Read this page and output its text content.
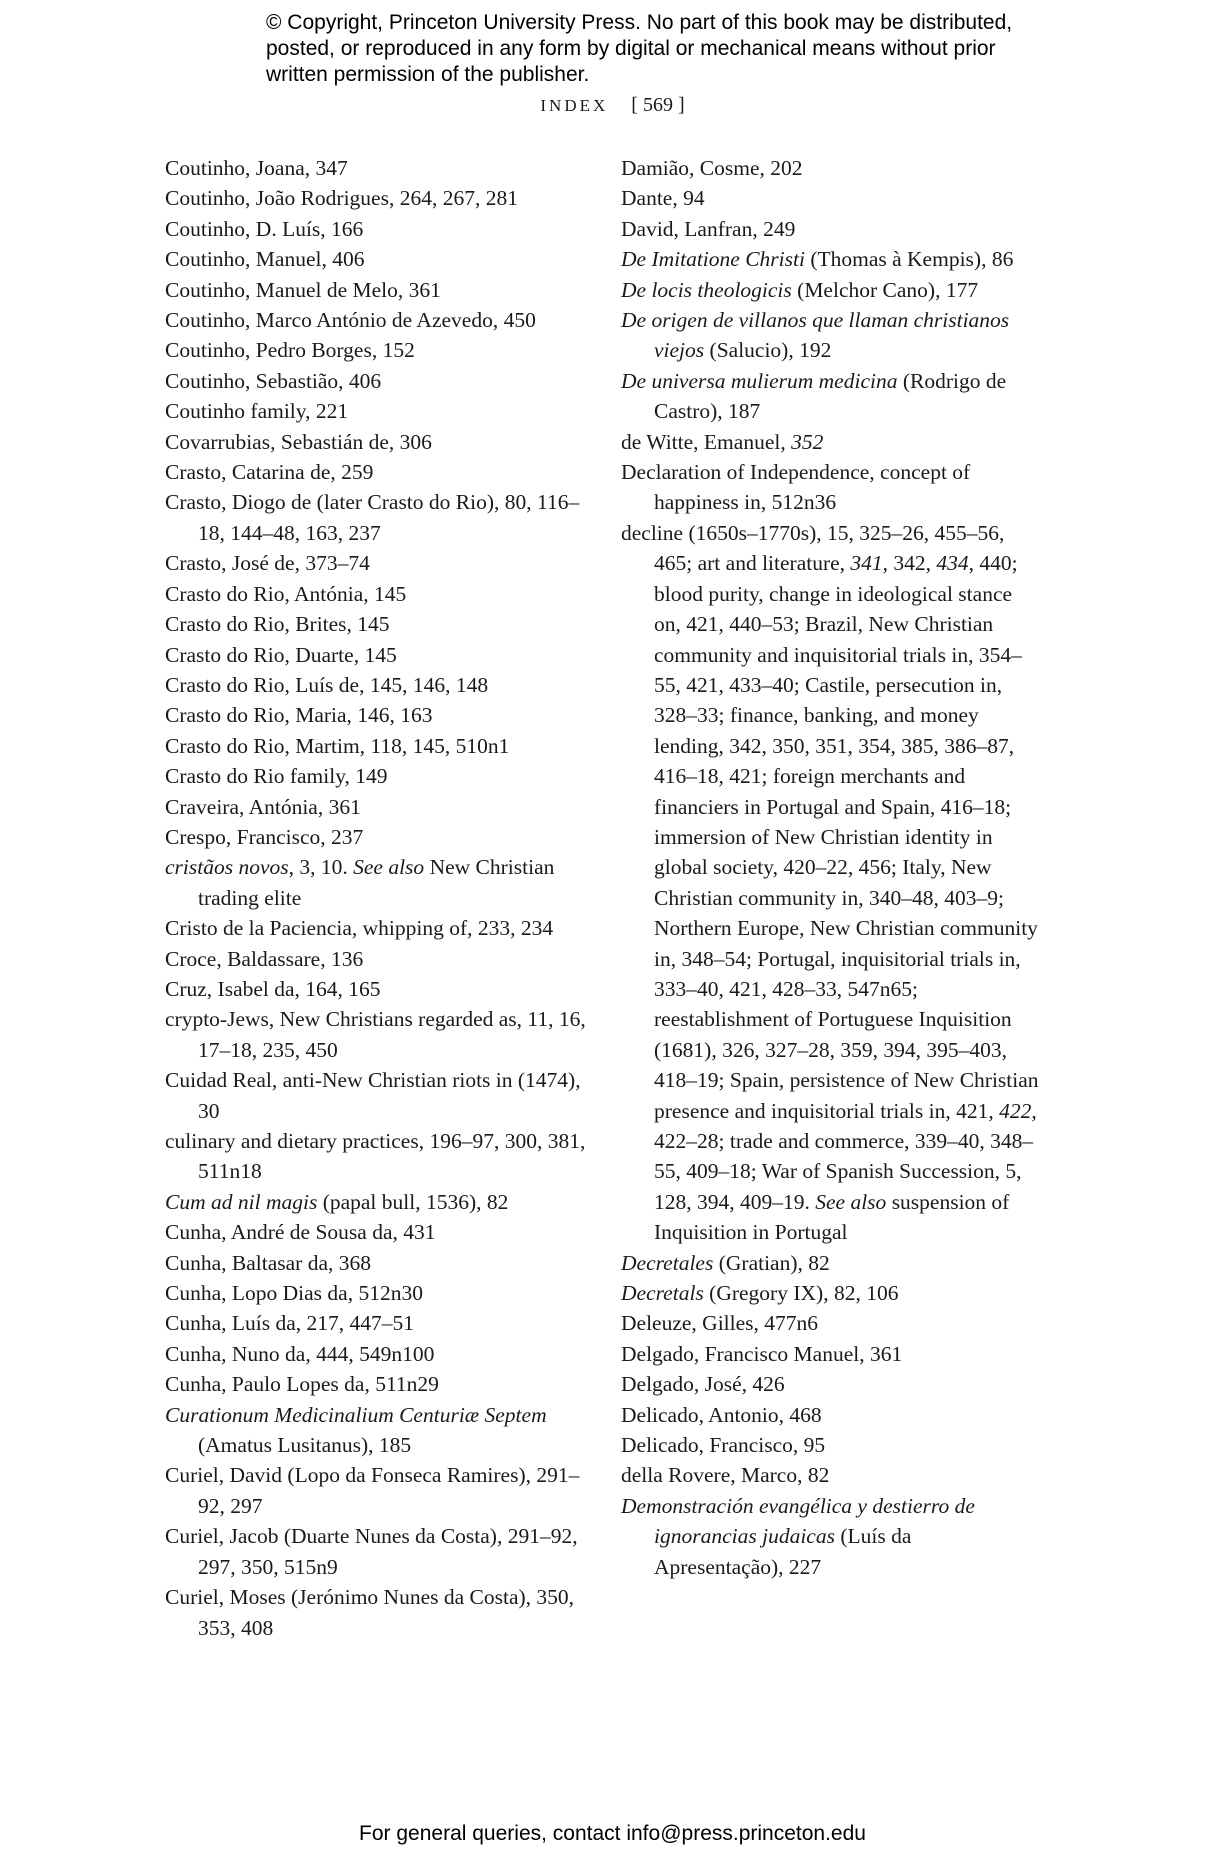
© Copyright, Princeton University Press. No part of this book may be distributed, posted, or reproduced in any form by digital or mechanical means without prior written permission of the publisher.
INDEX [ 569 ]
Coutinho, Joana, 347
Coutinho, João Rodrigues, 264, 267, 281
Coutinho, D. Luís, 166
Coutinho, Manuel, 406
Coutinho, Manuel de Melo, 361
Coutinho, Marco António de Azevedo, 450
Coutinho, Pedro Borges, 152
Coutinho, Sebastião, 406
Coutinho family, 221
Covarrubias, Sebastián de, 306
Crasto, Catarina de, 259
Crasto, Diogo de (later Crasto do Rio), 80, 116–18, 144–48, 163, 237
Crasto, José de, 373–74
Crasto do Rio, Antónia, 145
Crasto do Rio, Brites, 145
Crasto do Rio, Duarte, 145
Crasto do Rio, Luís de, 145, 146, 148
Crasto do Rio, Maria, 146, 163
Crasto do Rio, Martim, 118, 145, 510n1
Crasto do Rio family, 149
Craveira, Antónia, 361
Crespo, Francisco, 237
cristãos novos, 3, 10. See also New Christian trading elite
Cristo de la Paciencia, whipping of, 233, 234
Croce, Baldassare, 136
Cruz, Isabel da, 164, 165
crypto-Jews, New Christians regarded as, 11, 16, 17–18, 235, 450
Cuidad Real, anti-New Christian riots in (1474), 30
culinary and dietary practices, 196–97, 300, 381, 511n18
Cum ad nil magis (papal bull, 1536), 82
Cunha, André de Sousa da, 431
Cunha, Baltasar da, 368
Cunha, Lopo Dias da, 512n30
Cunha, Luís da, 217, 447–51
Cunha, Nuno da, 444, 549n100
Cunha, Paulo Lopes da, 511n29
Curationum Medicinalium Centuriæ Septem (Amatus Lusitanus), 185
Curiel, David (Lopo da Fonseca Ramires), 291–92, 297
Curiel, Jacob (Duarte Nunes da Costa), 291–92, 297, 350, 515n9
Curiel, Moses (Jerónimo Nunes da Costa), 350, 353, 408
Damião, Cosme, 202
Dante, 94
David, Lanfran, 249
De Imitatione Christi (Thomas à Kempis), 86
De locis theologicis (Melchor Cano), 177
De origen de villanos que llaman christianos viejos (Salucio), 192
De universa mulierum medicina (Rodrigo de Castro), 187
de Witte, Emanuel, 352
Declaration of Independence, concept of happiness in, 512n36
decline (1650s–1770s), 15, 325–26, 455–56, 465; art and literature, 341, 342, 434, 440; blood purity, change in ideological stance on, 421, 440–53; Brazil, New Christian community and inquisitorial trials in, 354–55, 421, 433–40; Castile, persecution in, 328–33; finance, banking, and money lending, 342, 350, 351, 354, 385, 386–87, 416–18, 421; foreign merchants and financiers in Portugal and Spain, 416–18; immersion of New Christian identity in global society, 420–22, 456; Italy, New Christian community in, 340–48, 403–9; Northern Europe, New Christian community in, 348–54; Portugal, inquisitorial trials in, 333–40, 421, 428–33, 547n65; reestablishment of Portuguese Inquisition (1681), 326, 327–28, 359, 394, 395–403, 418–19; Spain, persistence of New Christian presence and inquisitorial trials in, 421, 422, 422–28; trade and commerce, 339–40, 348–55, 409–18; War of Spanish Succession, 5, 128, 394, 409–19. See also suspension of Inquisition in Portugal
Decretales (Gratian), 82
Decretals (Gregory IX), 82, 106
Deleuze, Gilles, 477n6
Delgado, Francisco Manuel, 361
Delgado, José, 426
Delicado, Antonio, 468
Delicado, Francisco, 95
della Rovere, Marco, 82
Demonstración evangélica y destierro de ignorancias judaicas (Luís da Apresentação), 227
For general queries, contact info@press.princeton.edu
